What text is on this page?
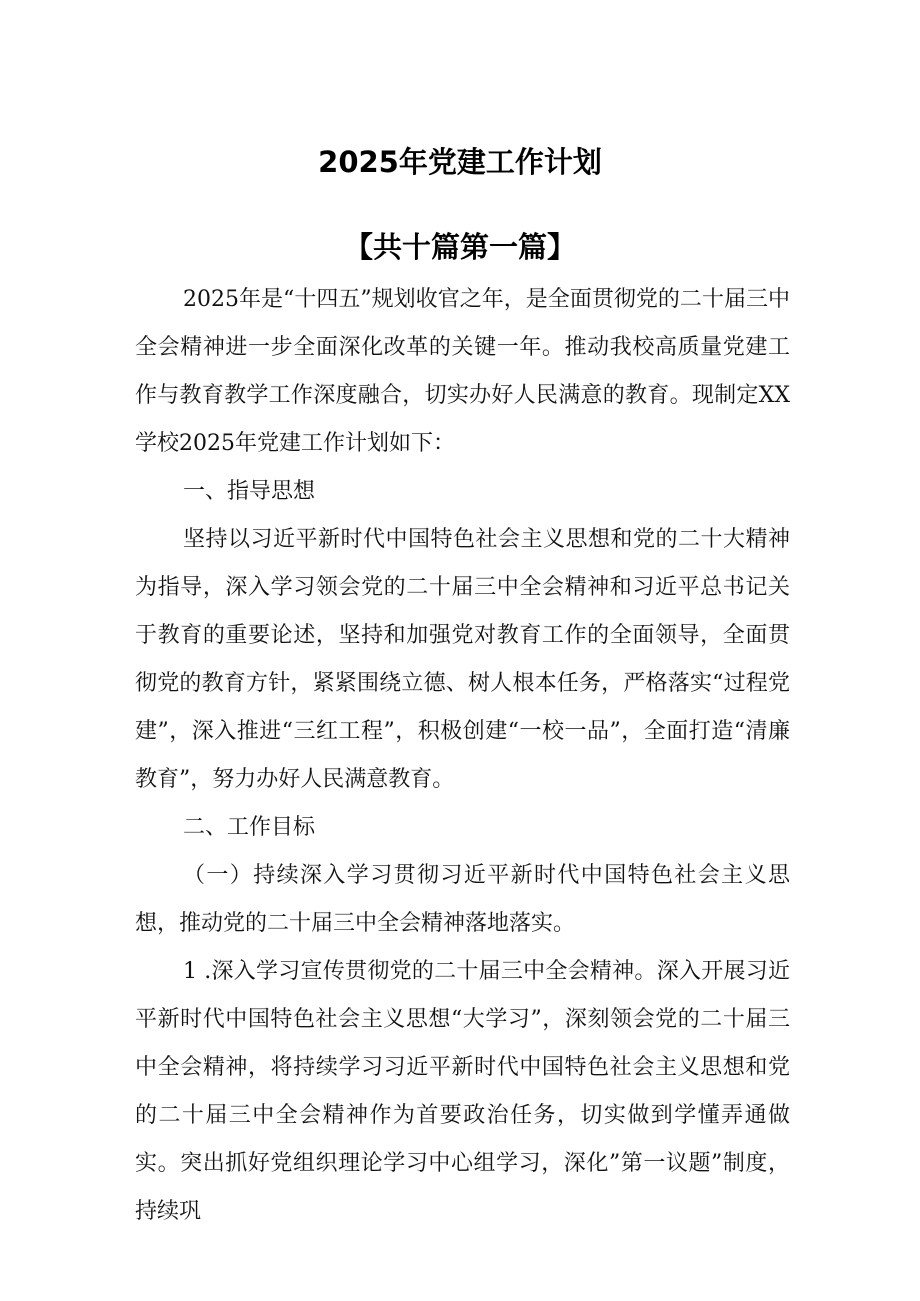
2025年党建工作计划
【共十篇第一篇】

2025年是“十四五”规划收官之年，是全面贯彻党的二十届三中全会精神进一步全面深化改革的关键一年。推动我校高质量党建工作与教育教学工作深度融合，切实办好人民满意的教育。现制定XX学校2025年党建工作计划如下：

一、指导思想

坚持以习近平新时代中国特色社会主义思想和党的二十大精神为指导，深入学习领会党的二十届三中全会精神和习近平总书记关于教育的重要论述，坚持和加强党对教育工作的全面领导，全面贯彻党的教育方针，紧紧围绕立德、树人根本任务，严格落实“过程党建”，深入推进“三红工程”，积极创建“一校一品”，全面打造“清廉教育”，努力办好人民满意教育。

二、工作目标

（一）持续深入学习贯彻习近平新时代中国特色社会主义思想，推动党的二十届三中全会精神落地落实。

1 .深入学习宣传贯彻党的二十届三中全会精神。深入开展习近平新时代中国特色社会主义思想“大学习”，深刻领会党的二十届三中全会精神，将持续学习习近平新时代中国特色社会主义思想和党的二十届三中全会精神作为首要政治任务，切实做到学懂弄通做实。突出抓好党组织理论学习中心组学习，深化”第一议题”制度，持续巩
